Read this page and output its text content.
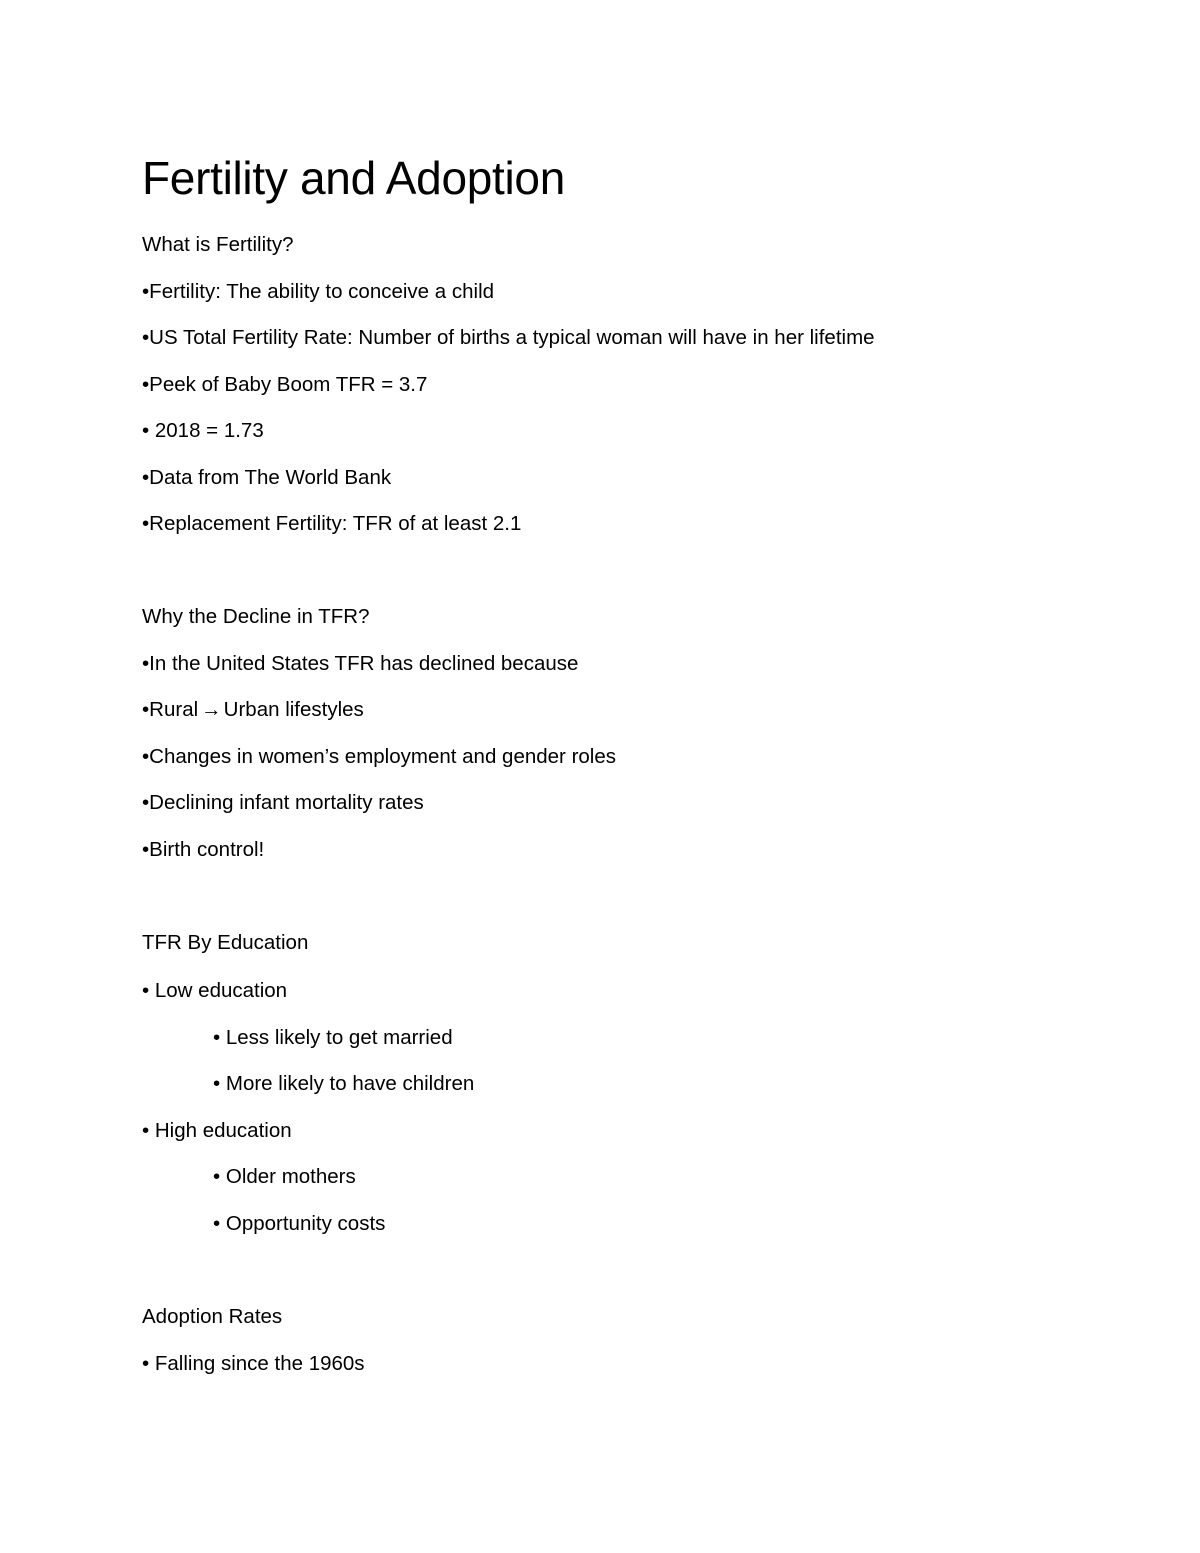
Fertility and Adoption
What is Fertility?
•Fertility: The ability to conceive a child
•US Total Fertility Rate: Number of births a typical woman will have in her lifetime
•Peek of Baby Boom TFR = 3.7
• 2018 = 1.73
•Data from The World Bank
•Replacement Fertility: TFR of at least 2.1
Why the Decline in TFR?
•In the United States TFR has declined because
•Rural →Urban lifestyles
•Changes in women’s employment and gender roles
•Declining infant mortality rates
•Birth control!
TFR By Education
• Low education
• Less likely to get married
• More likely to have children
• High education
• Older mothers
• Opportunity costs
Adoption Rates
• Falling since the 1960s
